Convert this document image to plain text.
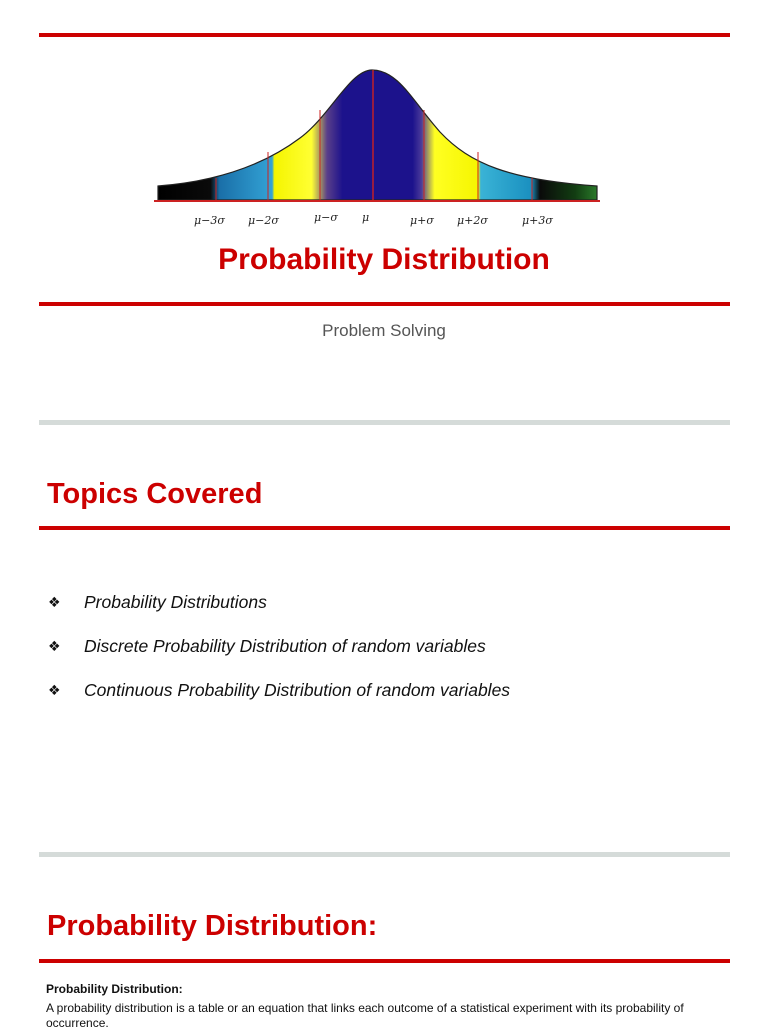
μ−3σ μ−2σ	μ−σ μ	μ+σ μ+2σ	μ+3σ
Probability Distribution
Problem Solving
Topics Covered
❖	Probability Distributions
❖	Discrete Probability Distribution of random variables
❖	Continuous Probability Distribution of random variables
Probability Distribution:
Probability Distribution:
A probability distribution is a table or an equation that links each outcome of a statistical experiment with its probability of occurrence.
